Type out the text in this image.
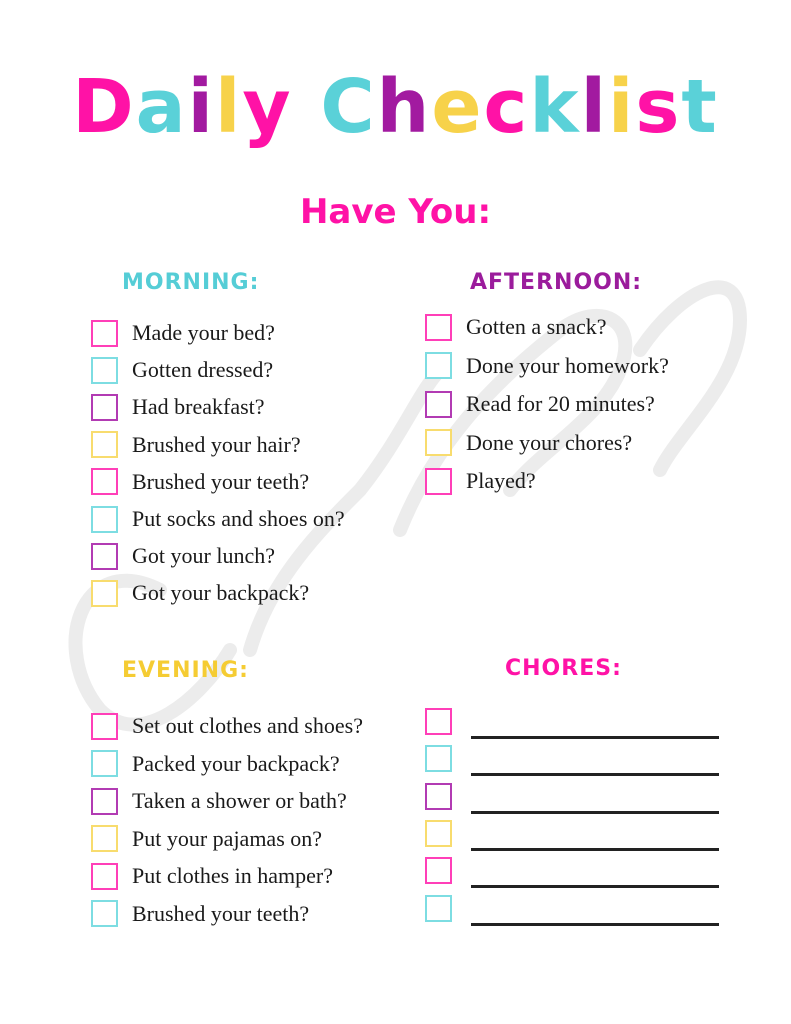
Daily Checklist
Have You:
MORNING:	AFTERNOON:
EVENING:	CHORES:
Made your bed?
Gotten dressed?
Had breakfast?
Brushed your hair?
Brushed your teeth?
Put socks and shoes on?
Got your lunch?
Got your backpack?
Gotten a snack?
Done your homework?
Read for 20 minutes?
Done your chores?
Played?
Set out clothes and shoes?
Packed your backpack?
Taken a shower or bath?
Put your pajamas on?
Put clothes in hamper?
Brushed your teeth?
